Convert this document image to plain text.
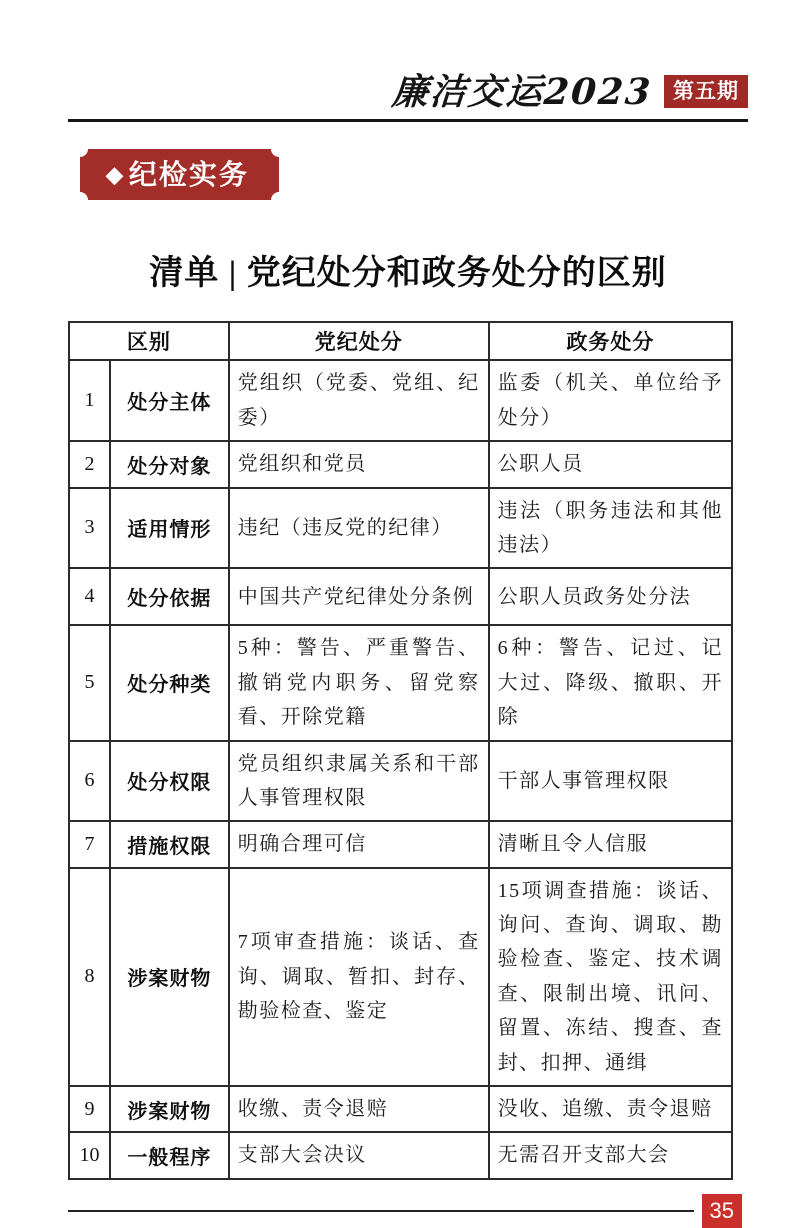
廉洁交运2023 第五期
◆ 纪检实务
清单 | 党纪处分和政务处分的区别
区别		党纪处分	政务处分
1	处分主体	党组织（党委、党组、纪委）	监委（机关、单位给予处分）
2	处分对象	党组织和党员	公职人员
3	适用情形	违纪（违反党的纪律）	违法（职务违法和其他违法）
4	处分依据	中国共产党纪律处分条例	公职人员政务处分法
5	处分种类	5种：警告、严重警告、撤销党内职务、留党察看、开除党籍	6种：警告、记过、记大过、降级、撤职、开除
6	处分权限	党员组织隶属关系和干部人事管理权限	干部人事管理权限
7	措施权限	明确合理可信	清晰且令人信服
8	涉案财物	7项审查措施：谈话、查询、调取、暂扣、封存、勘验检查、鉴定	15项调查措施：谈话、询问、查询、调取、勘验检查、鉴定、技术调查、限制出境、讯问、留置、冻结、搜查、查封、扣押、通缉
9	涉案财物	收缴、责令退赔	没收、追缴、责令退赔
10	一般程序	支部大会决议	无需召开支部大会
35
